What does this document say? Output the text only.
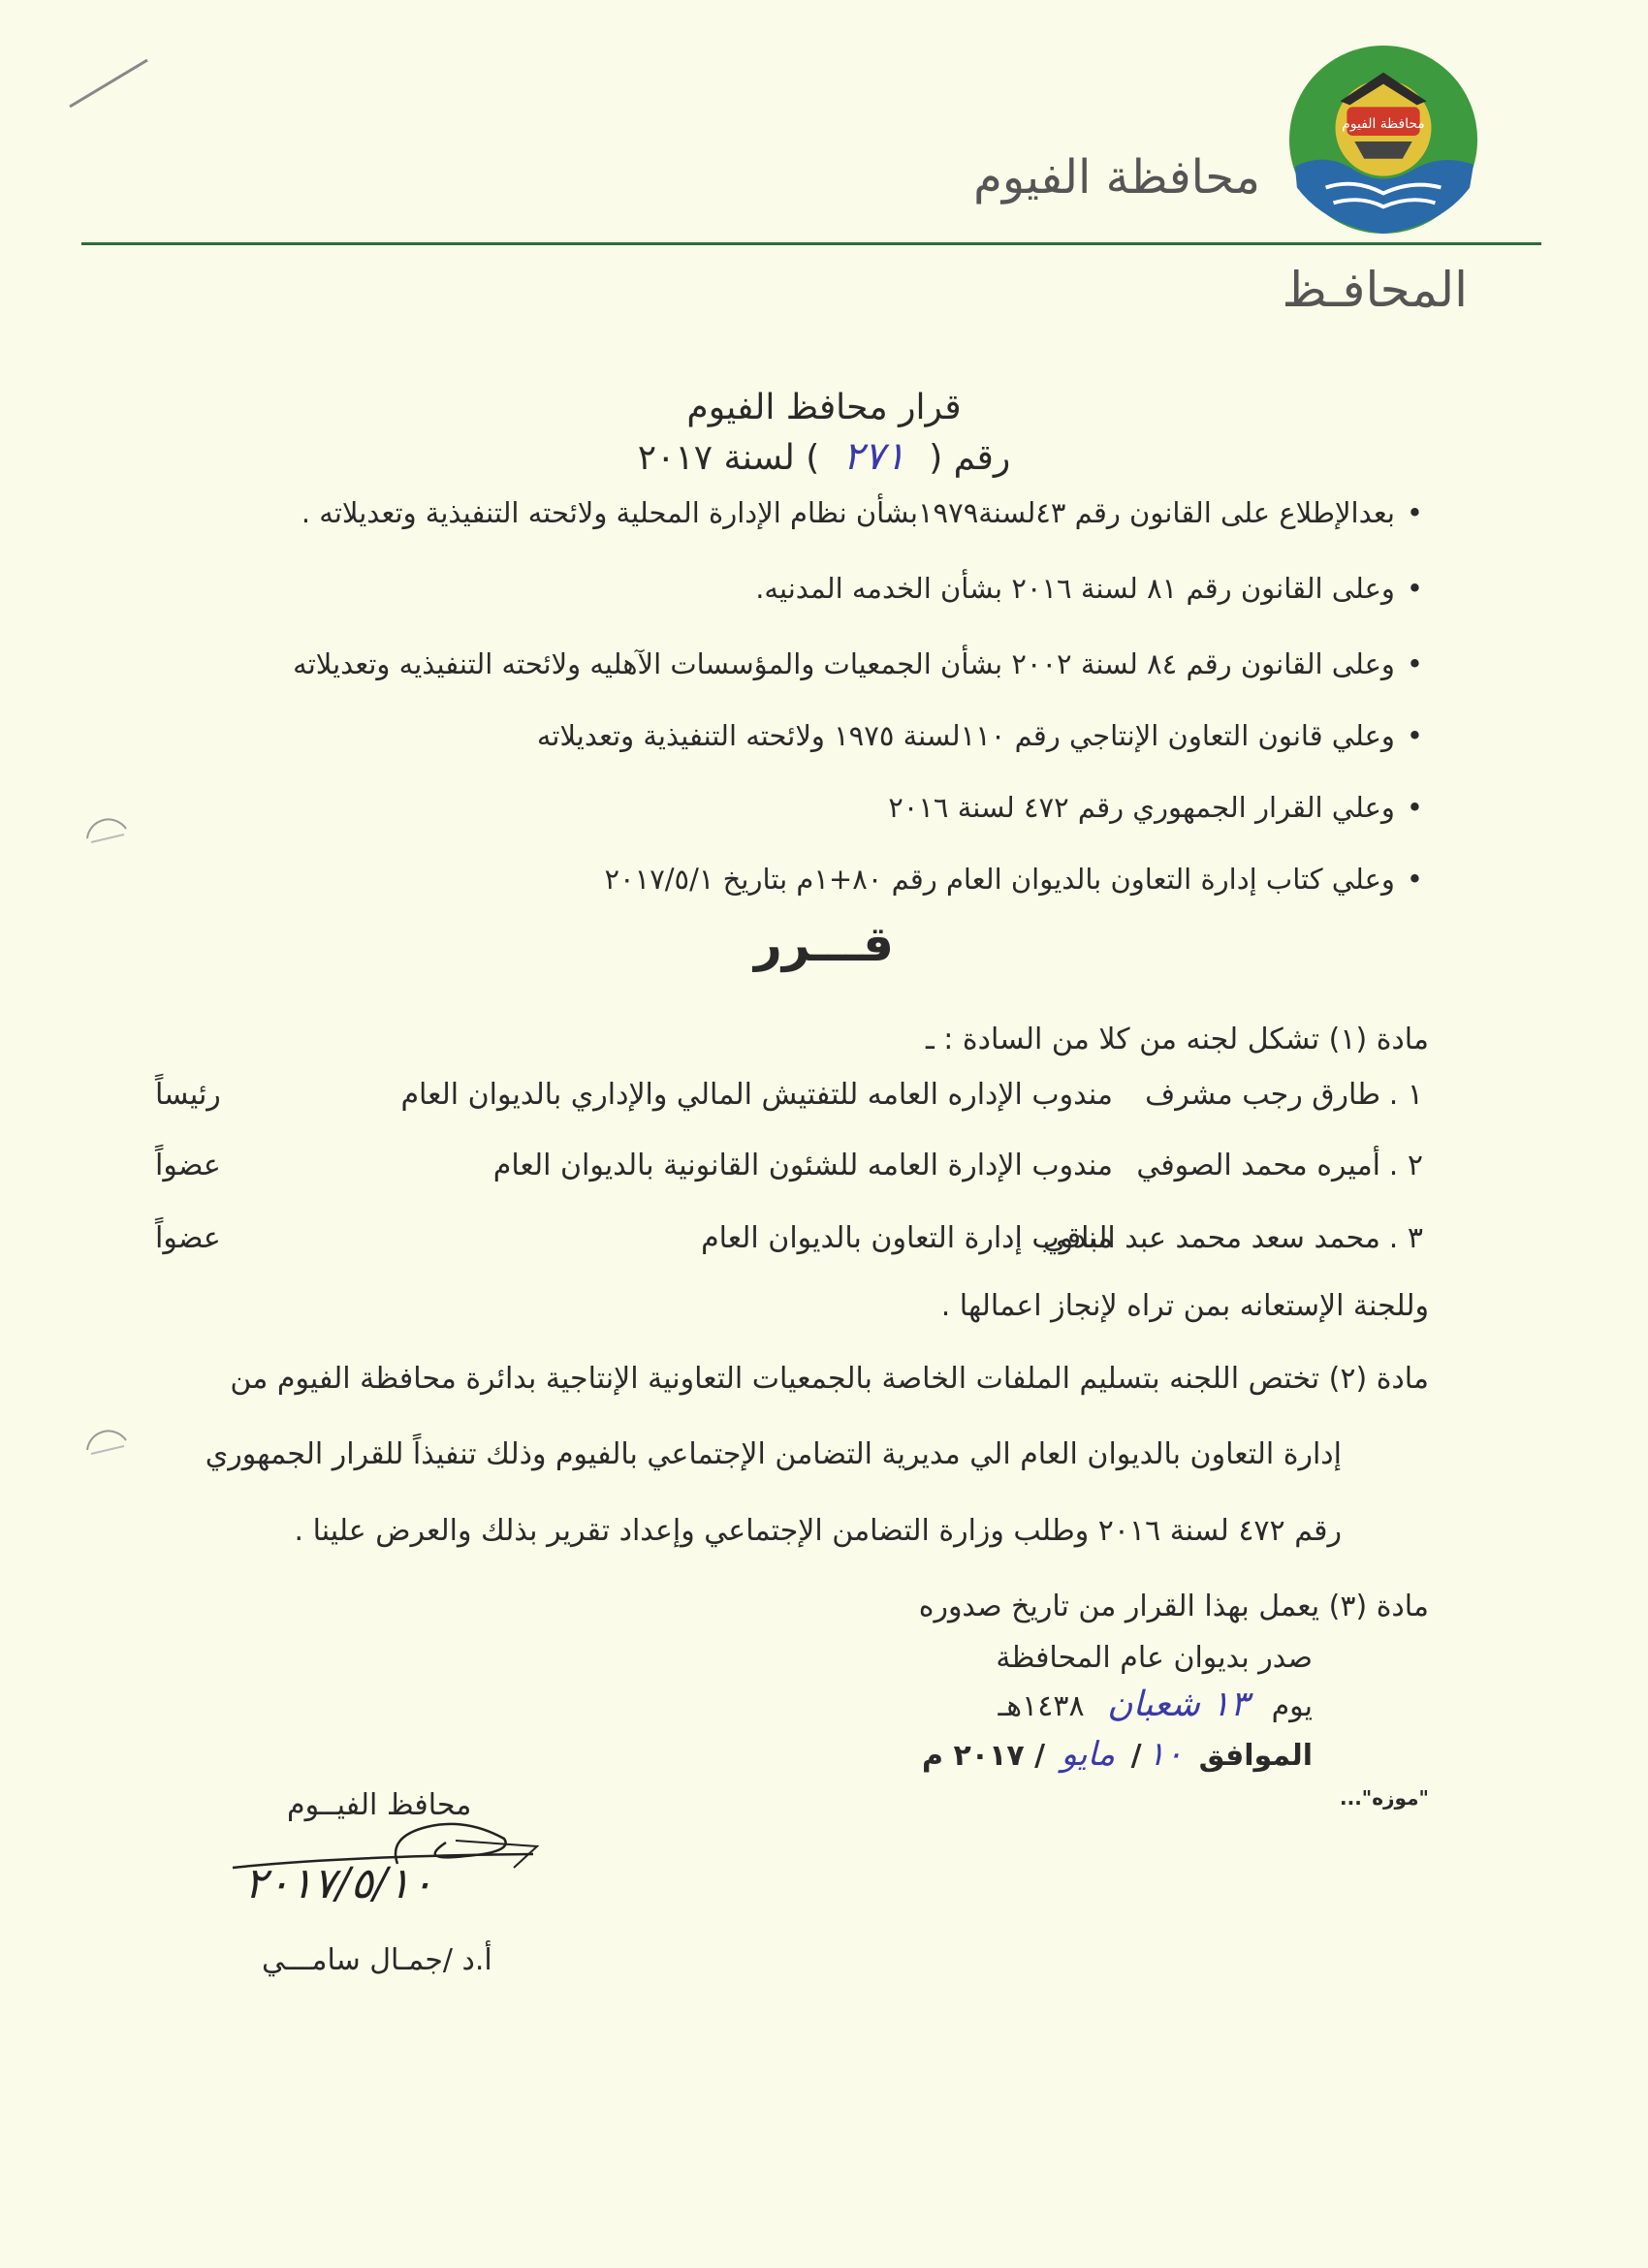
محافظة الفيوم
محافظة الفيوم
المحافـظ
قرار محافظ الفيوم
رقم ( ٢٧١ ) لسنة ٢٠١٧
•بعدالإطلاع على القانون رقم ٤٣لسنة١٩٧٩بشأن نظام الإدارة المحلية ولائحته التنفيذية وتعديلاته .
•وعلى القانون رقم ٨١ لسنة ٢٠١٦ بشأن الخدمه المدنيه.
•وعلى القانون رقم ٨٤ لسنة ٢٠٠٢ بشأن الجمعيات والمؤسسات الآهليه ولائحته التنفيذيه وتعديلاته
•وعلي قانون التعاون الإنتاجي رقم ١١٠لسنة ١٩٧٥ ولائحته التنفيذية وتعديلاته
•وعلي القرار الجمهوري رقم ٤٧٢ لسنة ٢٠١٦
•وعلي كتاب إدارة التعاون بالديوان العام رقم ٨٠+١م بتاريخ ٢٠١٧/٥/١
قـــرر
مادة (١) تشكل لجنه من كلا من السادة : ـ
١ .
طارق رجب مشرف
مندوب الإداره العامه للتفتيش المالي والإداري بالديوان العام
رئيساً
٢ .
أميره محمد الصوفي
مندوب الإدارة العامه للشئون القانونية بالديوان العام
عضواً
٣ .
محمد سعد محمد عبد الباقي
مندوب إدارة التعاون بالديوان العام
عضواً
وللجنة الإستعانه بمن تراه لإنجاز اعمالها .
مادة (٢) تختص اللجنه بتسليم الملفات الخاصة بالجمعيات التعاونية الإنتاجية بدائرة محافظة الفيوم من
إدارة التعاون بالديوان العام الي مديرية التضامن الإجتماعي بالفيوم وذلك تنفيذاً للقرار الجمهوري
رقم ٤٧٢ لسنة ٢٠١٦ وطلب وزارة التضامن الإجتماعي وإعداد تقرير بذلك والعرض علينا .
مادة (٣) يعمل بهذا القرار من تاريخ صدوره
صدر بديوان عام المحافظة
يوم ١٣ شعبان ١٤٣٨هـ
الموافق ١٠/ مايو / ٢٠١٧ م
"موزه"...
محافظ الفيــوم
٢٠١٧/٥/١٠
أ.د /جمـال سامـــي
